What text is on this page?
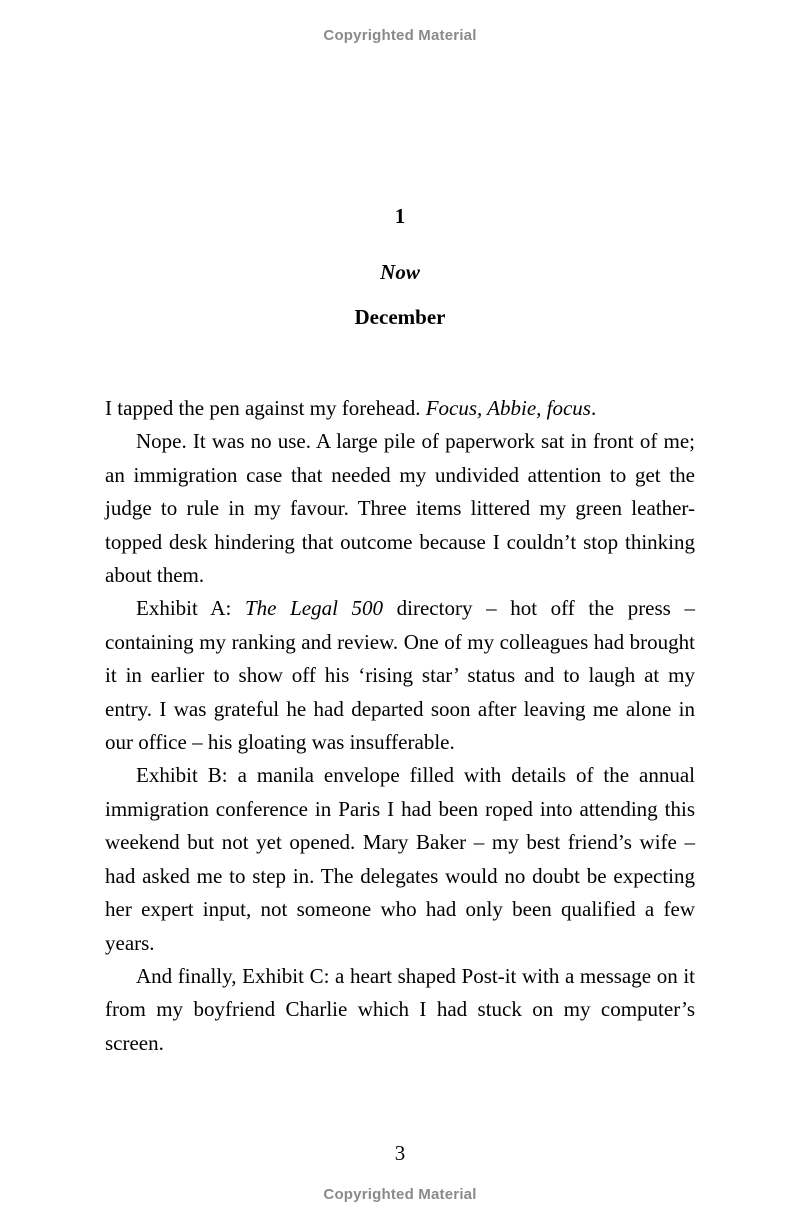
Copyrighted Material
1
Now
December

I tapped the pen against my forehead. Focus, Abbie, focus.

Nope. It was no use. A large pile of paperwork sat in front of me; an immigration case that needed my undivided attention to get the judge to rule in my favour. Three items littered my green leather-topped desk hindering that outcome because I couldn’t stop thinking about them.

Exhibit A: The Legal 500 directory – hot off the press – containing my ranking and review. One of my colleagues had brought it in earlier to show off his ‘rising star’ status and to laugh at my entry. I was grateful he had departed soon after leaving me alone in our office – his gloating was insufferable.

Exhibit B: a manila envelope filled with details of the annual immigration conference in Paris I had been roped into attending this weekend but not yet opened. Mary Baker – my best friend’s wife – had asked me to step in. The delegates would no doubt be expecting her expert input, not someone who had only been qualified a few years.

And finally, Exhibit C: a heart shaped Post-it with a message on it from my boyfriend Charlie which I had stuck on my computer’s screen.

3
Copyrighted Material
